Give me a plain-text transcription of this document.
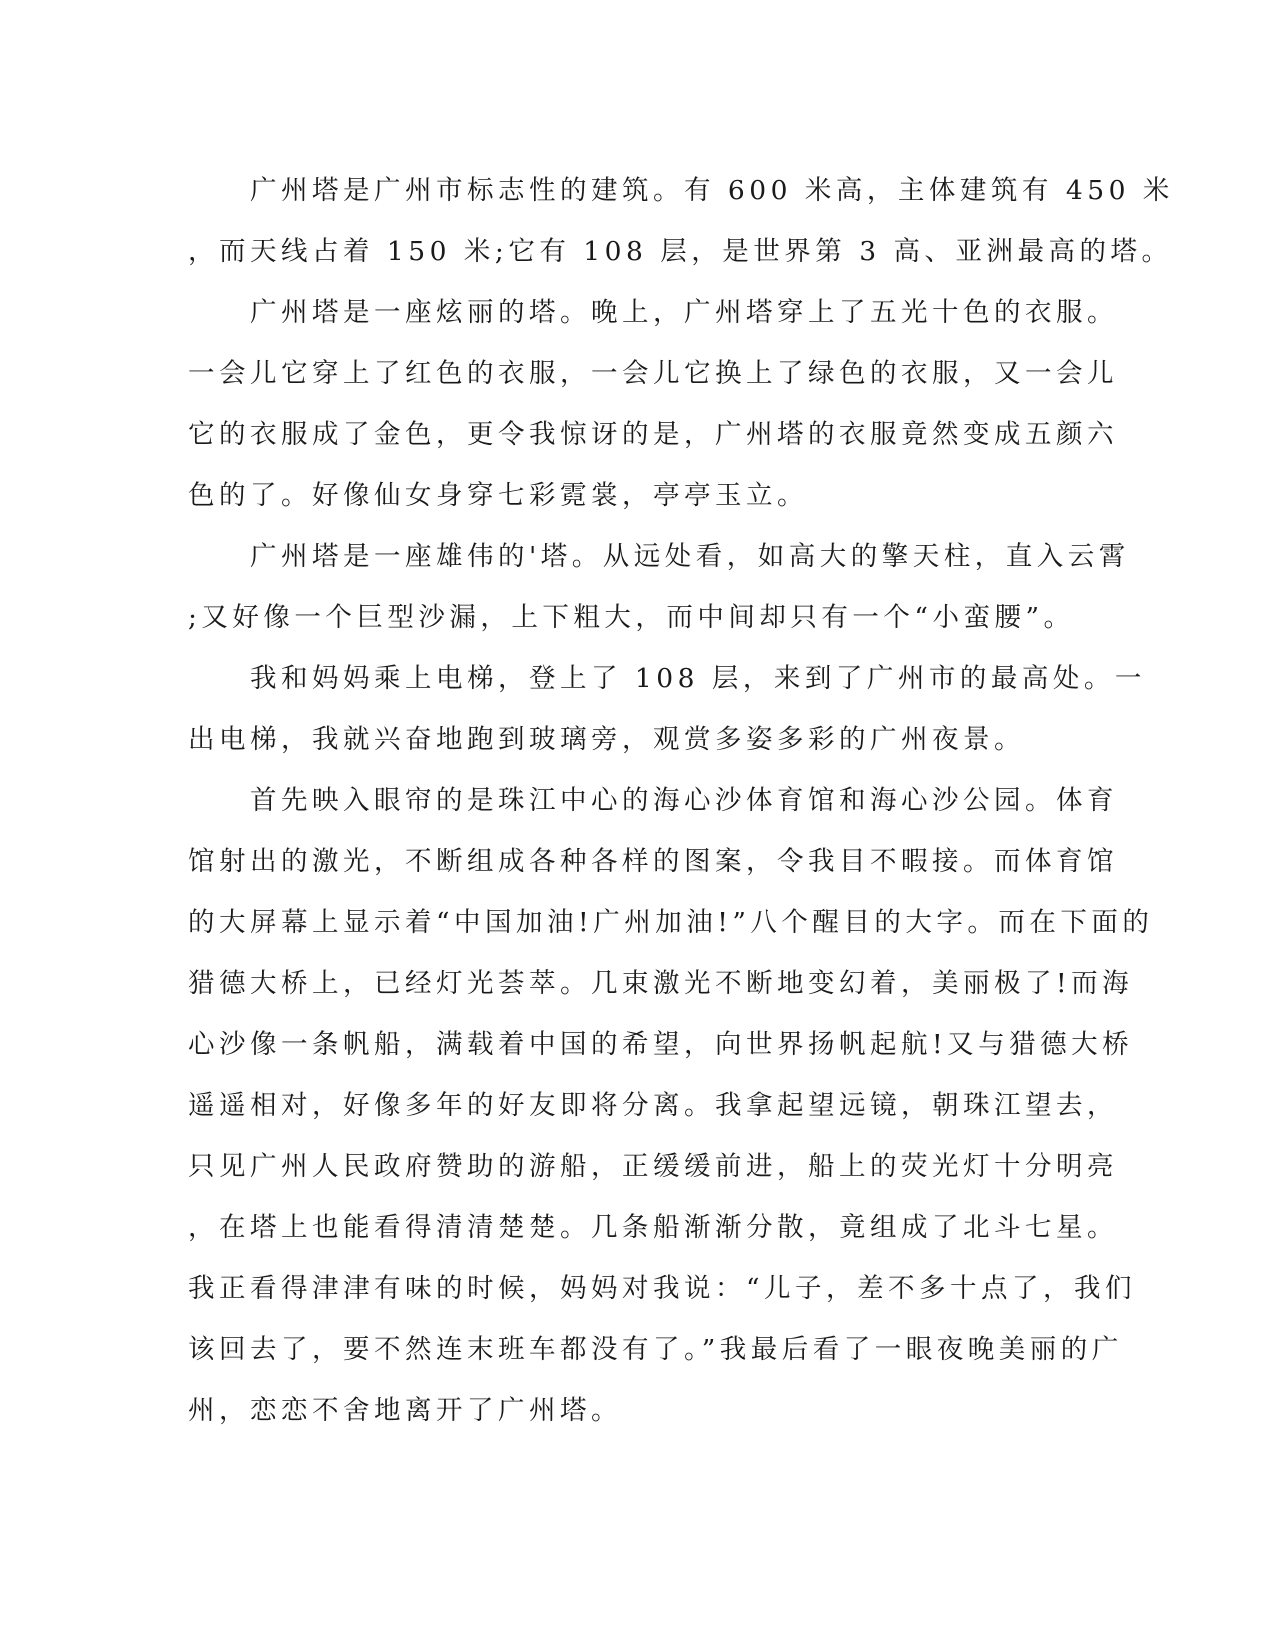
　　广州塔是广州市标志性的建筑。有 600 米高，主体建筑有 450 米
，而天线占着 150 米;它有 108 层，是世界第 3 高、亚洲最高的塔。
　　广州塔是一座炫丽的塔。晚上，广州塔穿上了五光十色的衣服。
一会儿它穿上了红色的衣服，一会儿它换上了绿色的衣服，又一会儿
它的衣服成了金色，更令我惊讶的是，广州塔的衣服竟然变成五颜六
色的了。好像仙女身穿七彩霓裳，亭亭玉立。
　　广州塔是一座雄伟的'塔。从远处看，如高大的擎天柱，直入云霄
;又好像一个巨型沙漏，上下粗大，而中间却只有一个“小蛮腰”。
　　我和妈妈乘上电梯，登上了 108 层，来到了广州市的最高处。一
出电梯，我就兴奋地跑到玻璃旁，观赏多姿多彩的广州夜景。
　　首先映入眼帘的是珠江中心的海心沙体育馆和海心沙公园。体育
馆射出的激光，不断组成各种各样的图案，令我目不暇接。而体育馆
的大屏幕上显示着“中国加油!广州加油!”八个醒目的大字。而在下面的
猎德大桥上，已经灯光荟萃。几束激光不断地变幻着，美丽极了!而海
心沙像一条帆船，满载着中国的希望，向世界扬帆起航!又与猎德大桥
遥遥相对，好像多年的好友即将分离。我拿起望远镜，朝珠江望去，
只见广州人民政府赞助的游船，正缓缓前进，船上的荧光灯十分明亮
，在塔上也能看得清清楚楚。几条船渐渐分散，竟组成了北斗七星。
我正看得津津有味的时候，妈妈对我说：“儿子，差不多十点了，我们
该回去了，要不然连末班车都没有了。”我最后看了一眼夜晚美丽的广
州，恋恋不舍地离开了广州塔。
